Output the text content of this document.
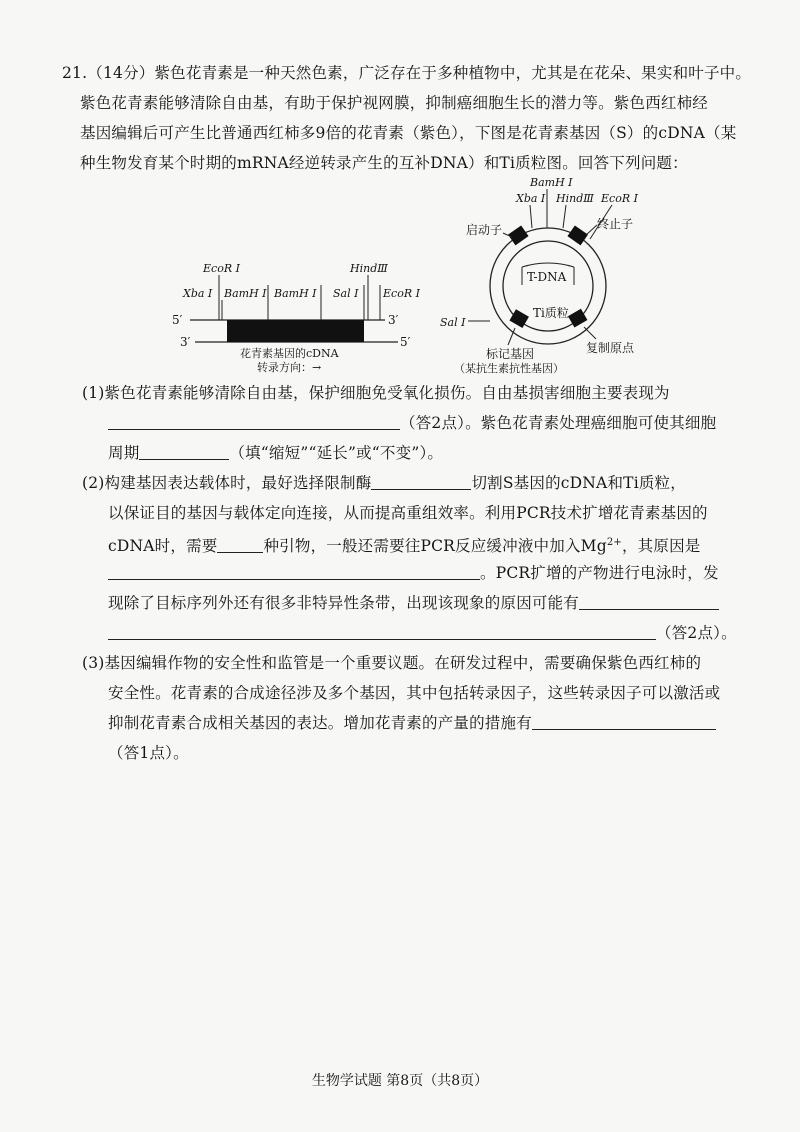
21.（14分）紫色花青素是一种天然色素，广泛存在于多种植物中，尤其是在花朵、果实和叶子中。
紫色花青素能够清除自由基，有助于保护视网膜，抑制癌细胞生长的潜力等。紫色西红柿经
基因编辑后可产生比普通西红柿多9倍的花青素（紫色），下图是花青素基因（S）的cDNA（某
种生物发育某个时期的mRNA经逆转录产生的互补DNA）和Ti质粒图。回答下列问题：
EcoR I
Xba I BamH I BamH I Sal I
HindⅢ
EcoR I
5′
3′
3′
5′
花青素基因的cDNA
转录方向：→
T-DNA
Ti质粒
BamH I
Xba I HindⅢ EcoR I
启动子	终止子
Sal I
标记基因
（某抗生素抗性基因）
复制原点
(1)紫色花青素能够清除自由基，保护细胞免受氧化损伤。自由基损害细胞主要表现为
（答2点）。紫色花青素处理癌细胞可使其细胞
周期	（填“缩短”“延长”或“不变”）。
(2)构建基因表达载体时，最好选择限制酶	切割S基因的cDNA和Ti质粒，
以保证目的基因与载体定向连接，从而提高重组效率。利用PCR技术扩增花青素基因的
cDNA时，需要	种引物，一般还需要往PCR反应缓冲液中加入$Mg^{2+}$，其原因是
。PCR扩增的产物进行电泳时，发
现除了目标序列外还有很多非特异性条带，出现该现象的原因可能有
（答2点）。
(3)基因编辑作物的安全性和监管是一个重要议题。在研发过程中，需要确保紫色西红柿的
安全性。花青素的合成途径涉及多个基因，其中包括转录因子，这些转录因子可以激活或
抑制花青素合成相关基因的表达。增加花青素的产量的措施有
（答1点）。
生物学试题 第8页（共8页）
